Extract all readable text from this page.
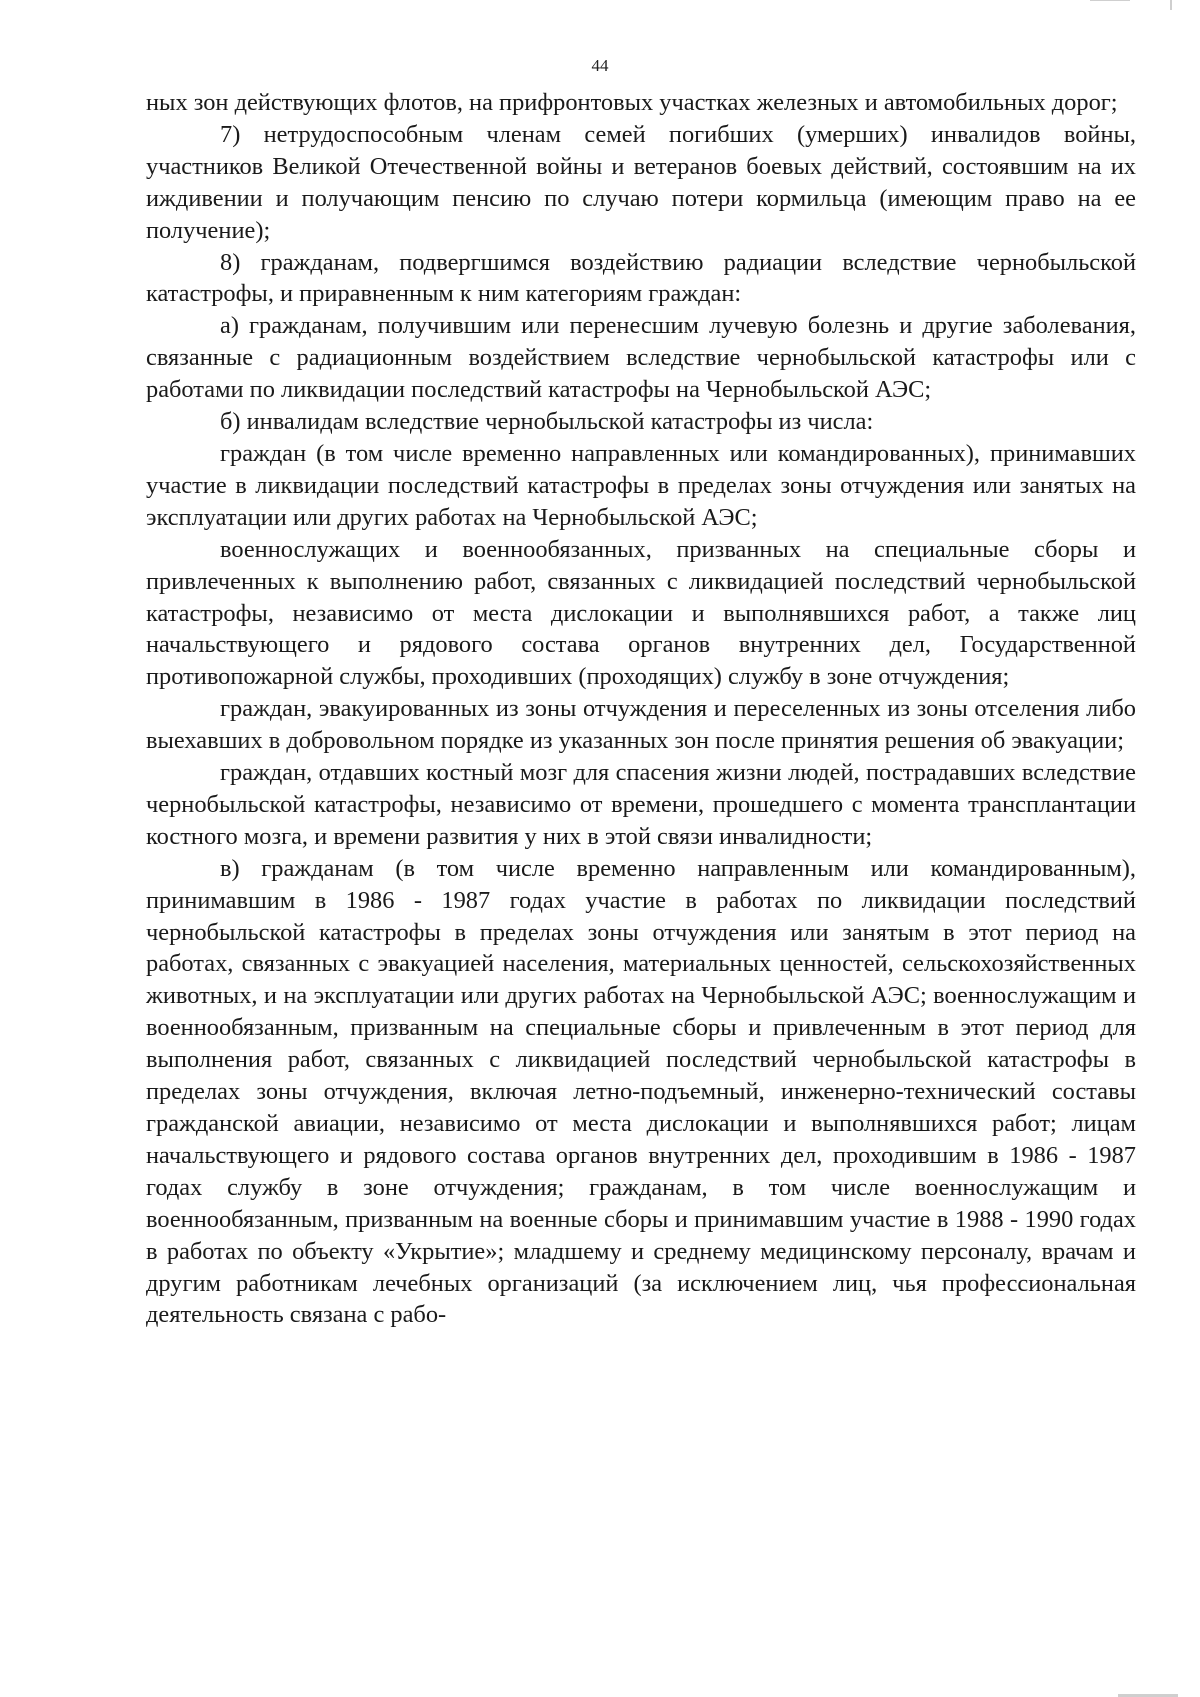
44

ных зон действующих флотов, на прифронтовых участках железных и автомобильных дорог;

7) нетрудоспособным членам семей погибших (умерших) инвалидов войны, участников Великой Отечественной войны и ветеранов боевых действий, состоявшим на их иждивении и получающим пенсию по случаю потери кормильца (имеющим право на ее получение);

8) гражданам, подвергшимся воздействию радиации вследствие чернобыльской катастрофы, и приравненным к ним категориям граждан:

а) гражданам, получившим или перенесшим лучевую болезнь и другие заболевания, связанные с радиационным воздействием вследствие чернобыльской катастрофы или с работами по ликвидации последствий катастрофы на Чернобыльской АЭС;

б) инвалидам вследствие чернобыльской катастрофы из числа:

граждан (в том числе временно направленных или командированных), принимавших участие в ликвидации последствий катастрофы в пределах зоны отчуждения или занятых на эксплуатации или других работах на Чернобыльской АЭС;

военнослужащих и военнообязанных, призванных на специальные сборы и привлеченных к выполнению работ, связанных с ликвидацией последствий чернобыльской катастрофы, независимо от места дислокации и выполнявшихся работ, а также лиц начальствующего и рядового состава органов внутренних дел, Государственной противопожарной службы, проходивших (проходящих) службу в зоне отчуждения;

граждан, эвакуированных из зоны отчуждения и переселенных из зоны отселения либо выехавших в добровольном порядке из указанных зон после принятия решения об эвакуации;

граждан, отдавших костный мозг для спасения жизни людей, пострадавших вследствие чернобыльской катастрофы, независимо от времени, прошедшего с момента трансплантации костного мозга, и времени развития у них в этой связи инвалидности;

в) гражданам (в том числе временно направленным или командированным), принимавшим в 1986 - 1987 годах участие в работах по ликвидации последствий чернобыльской катастрофы в пределах зоны отчуждения или занятым в этот период на работах, связанных с эвакуацией населения, материальных ценностей, сельскохозяйственных животных, и на эксплуатации или других работах на Чернобыльской АЭС; военнослужащим и военнообязанным, призванным на специальные сборы и привлеченным в этот период для выполнения работ, связанных с ликвидацией последствий чернобыльской катастрофы в пределах зоны отчуждения, включая летно-подъемный, инженерно-технический составы гражданской авиации, независимо от места дислокации и выполнявшихся работ; лицам начальствующего и рядового состава органов внутренних дел, проходившим в 1986 - 1987 годах службу в зоне отчуждения; гражданам, в том числе военнослужащим и военнообязанным, призванным на военные сборы и принимавшим участие в 1988 - 1990 годах в работах по объекту «Укрытие»; младшему и среднему медицинскому персоналу, врачам и другим работникам лечебных организаций (за исключением лиц, чья профессиональная деятельность связана с рабо-
